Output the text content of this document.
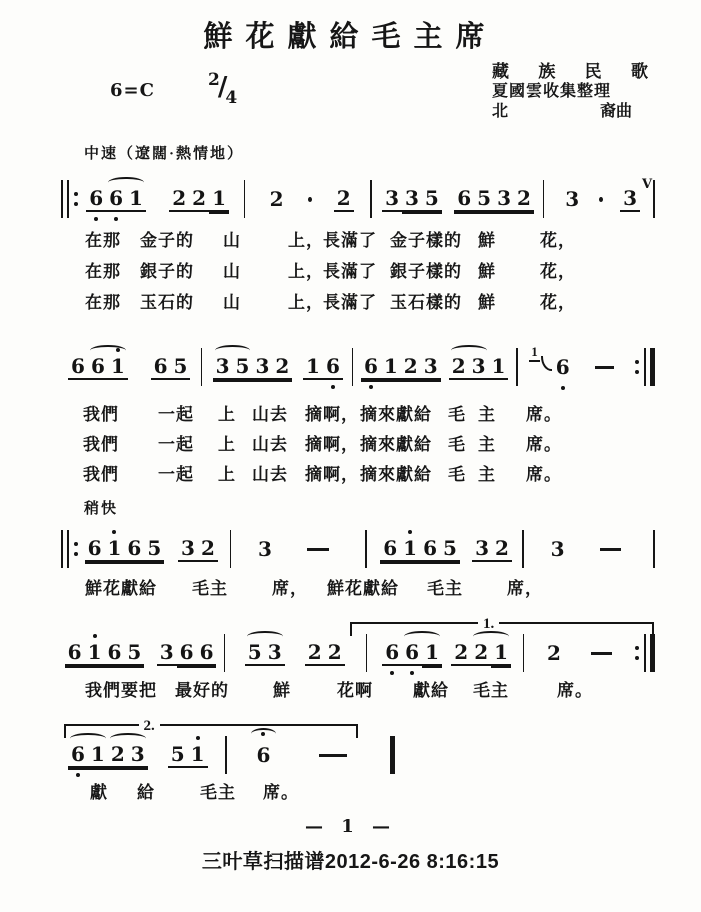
鮮花獻給毛主席
6=C	$^2/_4$
藏 族 民 歌
夏國雲收集整理
北	裔曲
中速（遼闊·熱情地）
稍快
6 6 1 2 2 1 2	2 3 3 5 6 5 3 2 3 3
V
6 6 1 6 5 3 5 3 2 1 6 6 1 2 3 2 3 1
1
6
6 1 6 5 3 2 3	6 1 6 5 3 2 3
1.
6 1 6 5 3 6 6 5 3 2 2 6 6 1 2 2 1 2
2.
6 1 2 3 5 1	6
在那 金子的 山	上， 長滿了 金子樣的 鮮	花，
在那 銀子的 山	上， 長滿了 銀子樣的 鮮	花，
在那 玉石的 山	上， 長滿了 玉石樣的 鮮	花，
我們 一起 上 山去 摘啊， 摘來獻給 毛 主 席。
我們 一起 上 山去 摘啊， 摘來獻給 毛 主 席。
我們 一起 上 山去 摘啊， 摘來獻給 毛 主 席。
鮮花獻給 毛主	席， 鮮花獻給 毛主	席，
我們要把 最好的	鮮	花啊 獻給 毛主	席。
獻 給	毛主 席。
— 1 —
三叶草扫描谱2012-6-26 8:16:15
